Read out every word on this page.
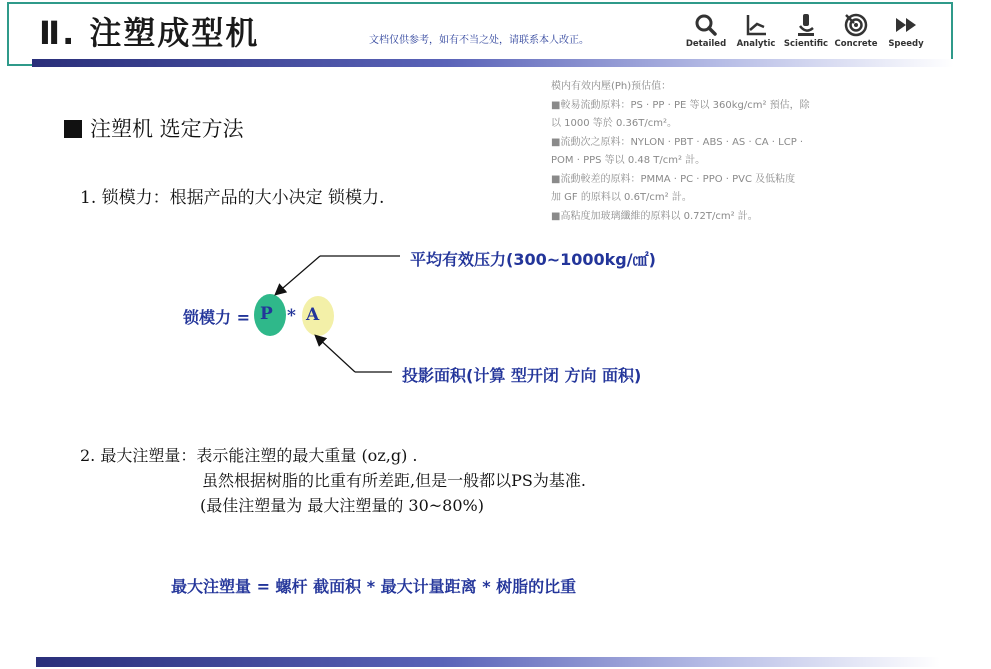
Ⅱ. 注塑成型机	文档仅供参考，如有不当之处，请联系本人改正。	Detailed Analytic Scientific Concrete Speedy
模内有效内壓(Ph)预估值：
■較易流動原料：PS · PP · PE 等以 360kg/cm² 預估，除
以 1000 等於 0.36T/cm²。
■流動次之原料：NYLON · PBT · ABS · AS · CA · LCP ·
POM · PPS 等以 0.48 T/cm² 計。
■流動較差的原料：PMMA · PC · PPO · PVC 及低粘度
加 GF 的原料以 0.6T/cm² 計。
■高粘度加玻璃纖維的原料以 0.72T/cm² 計。
注塑机 选定方法
1. 锁模力：根据产品的大小决定 锁模力.
平均有效压力(300~1000kg/㎠)
锁模力 = P * A
投影面积(计算 型开闭 方向 面积)
2. 最大注塑量：表示能注塑的最大重量 (oz,g) .
虽然根据树脂的比重有所差距,但是一般都以PS为基准.
(最佳注塑量为 最大注塑量的 30~80%)
最大注塑量 = 螺杆 截面积 * 最大计量距离 * 树脂的比重
